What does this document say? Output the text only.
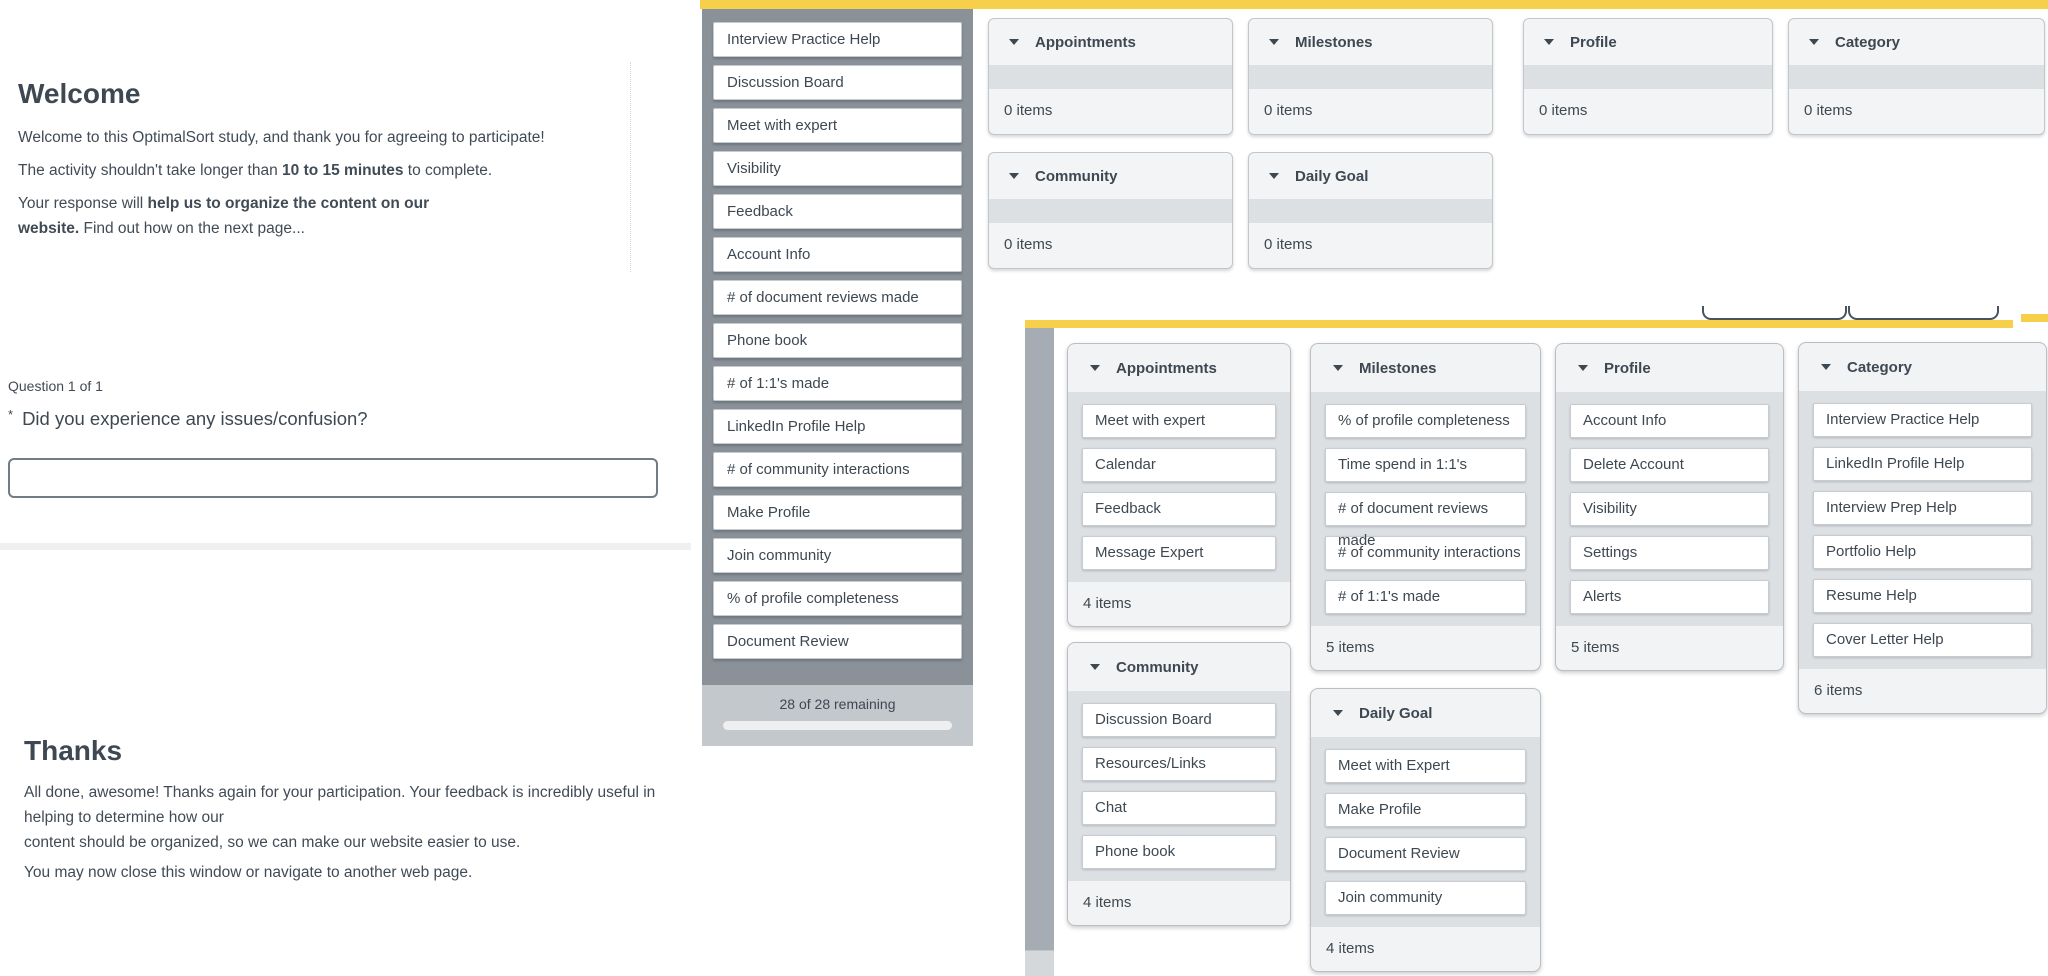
Welcome
Welcome to this OptimalSort study, and thank you for agreeing to participate!
The activity shouldn't take longer than 10 to 15 minutes to complete.
Your response will help us to organize the content on our website. Find out how on the next page...
Question 1 of 1
* Did you experience any issues/confusion?
Thanks
All done, awesome! Thanks again for your participation. Your feedback is incredibly useful in helping to determine how our
content should be organized, so we can make our website easier to use.
You may now close this window or navigate to another web page.
Interview Practice Help
Discussion Board
Meet with expert
Visibility
Feedback
Account Info
# of document reviews made
Phone book
# of 1:1's made
LinkedIn Profile Help
# of community interactions
Make Profile
Join community
% of profile completeness
Document Review
28 of 28 remaining
Appointments
0 items
Milestones
0 items
Profile
0 items
Category
0 items
Community
0 items
Daily Goal
0 items
Appointments
Meet with expert
Calendar
Feedback
Message Expert
4 items
Milestones
% of profile completeness
Time spend in 1:1's
# of document reviews
# of community interactions
# of 1:1's made
5 items
Profile
Account Info
Delete Account
Visibility
Settings
Alerts
5 items
Category
Interview Practice Help
LinkedIn Profile Help
Interview Prep Help
Portfolio Help
Resume Help
Cover Letter Help
6 items
Community
Discussion Board
Resources/Links
Chat
Phone book
4 items
Daily Goal
Meet with Expert
Make Profile
Document Review
Join community
4 items
